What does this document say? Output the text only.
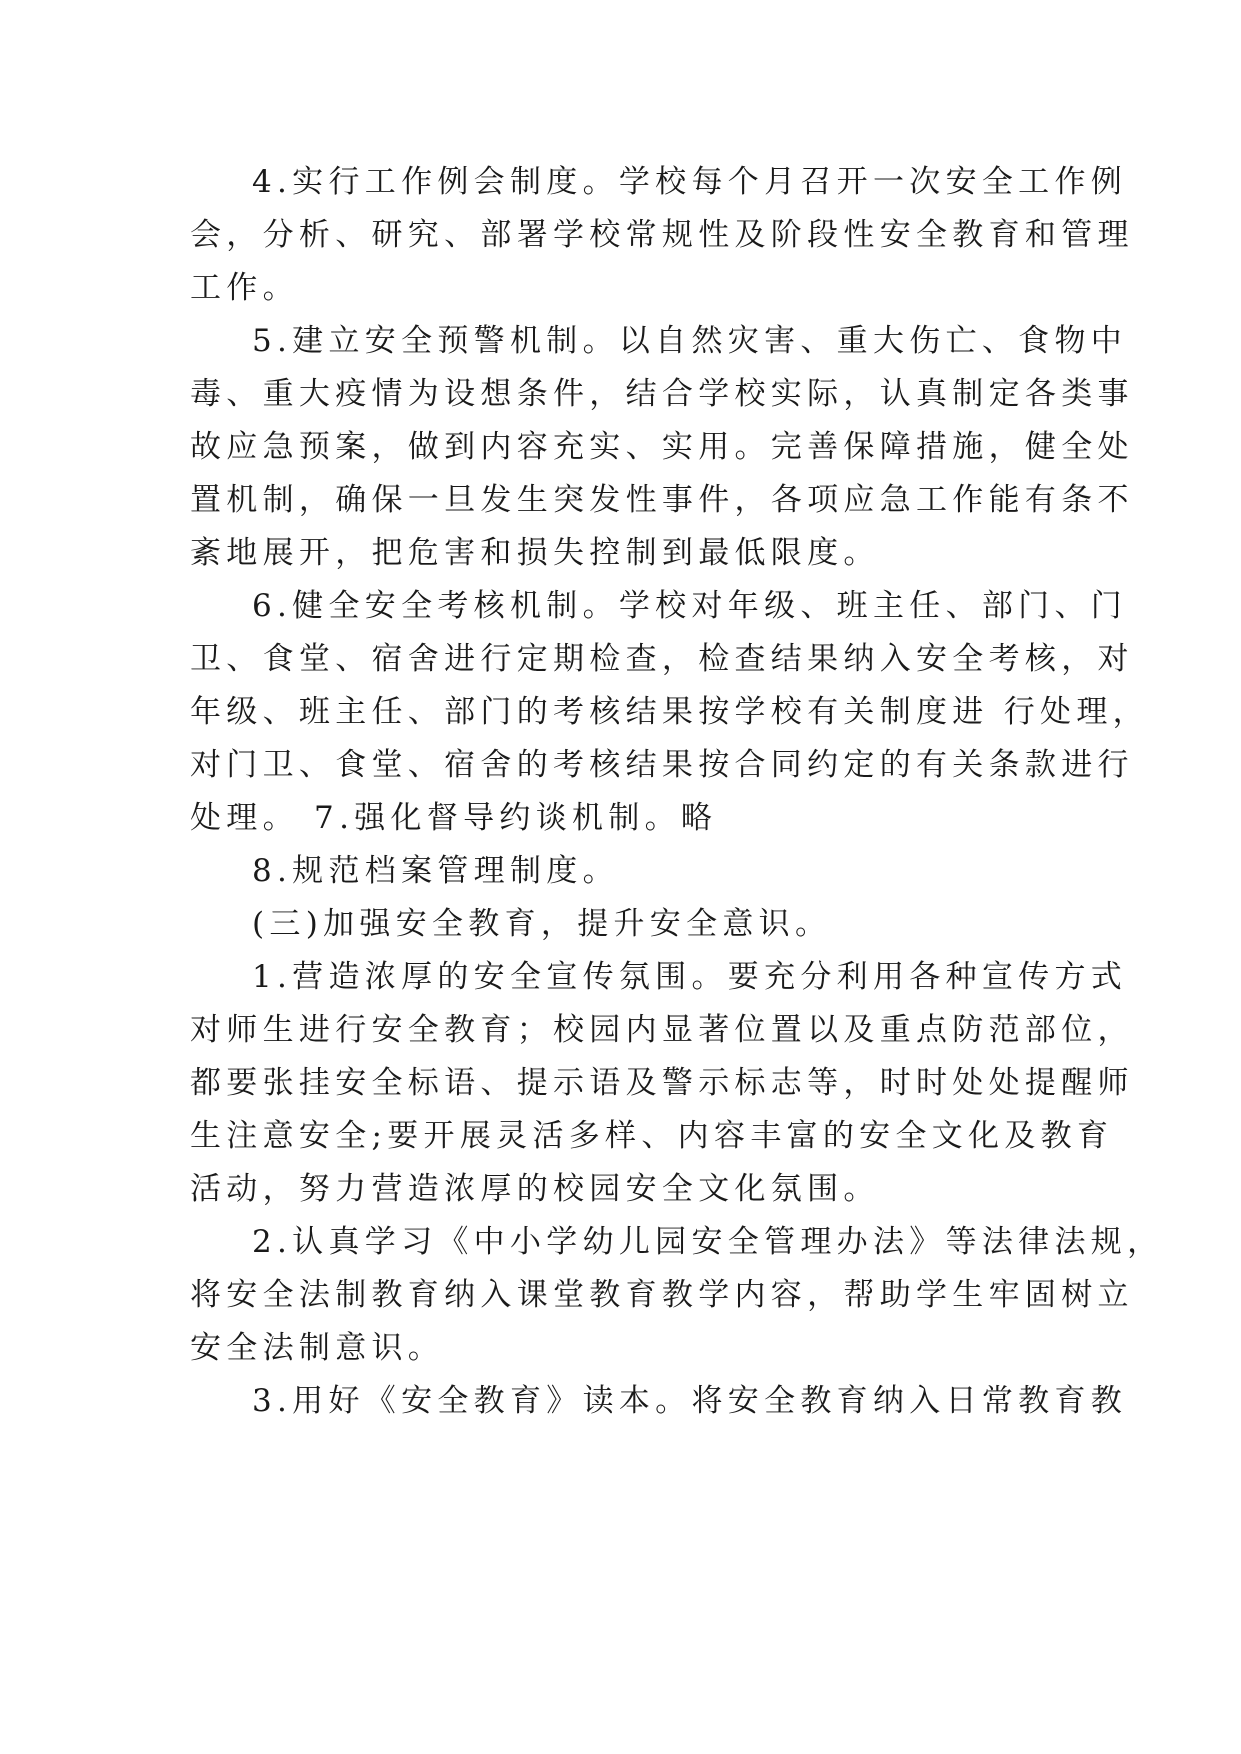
4.实行工作例会制度。学校每个月召开一次安全工作例
会，分析、研究、部署学校常规性及阶段性安全教育和管理
工作。
5.建立安全预警机制。以自然灾害、重大伤亡、食物中
毒、重大疫情为设想条件，结合学校实际，认真制定各类事
故应急预案，做到内容充实、实用。完善保障措施，健全处
置机制，确保一旦发生突发性事件，各项应急工作能有条不
紊地展开，把危害和损失控制到最低限度。
6.健全安全考核机制。学校对年级、班主任、部门、门
卫、食堂、宿舍进行定期检查，检查结果纳入安全考核，对
年级、班主任、部门的考核结果按学校有关制度进 行处理，
对门卫、食堂、宿舍的考核结果按合同约定的有关条款进行
处理。 7.强化督导约谈机制。略
8.规范档案管理制度。
(三)加强安全教育，提升安全意识。
1.营造浓厚的安全宣传氛围。要充分利用各种宣传方式
对师生进行安全教育；校园内显著位置以及重点防范部位，
都要张挂安全标语、提示语及警示标志等，时时处处提醒师
生注意安全;要开展灵活多样、内容丰富的安全文化及教育
活动，努力营造浓厚的校园安全文化氛围。
2.认真学习《中小学幼儿园安全管理办法》等法律法规，
将安全法制教育纳入课堂教育教学内容，帮助学生牢固树立
安全法制意识。
3.用好《安全教育》读本。将安全教育纳入日常教育教
